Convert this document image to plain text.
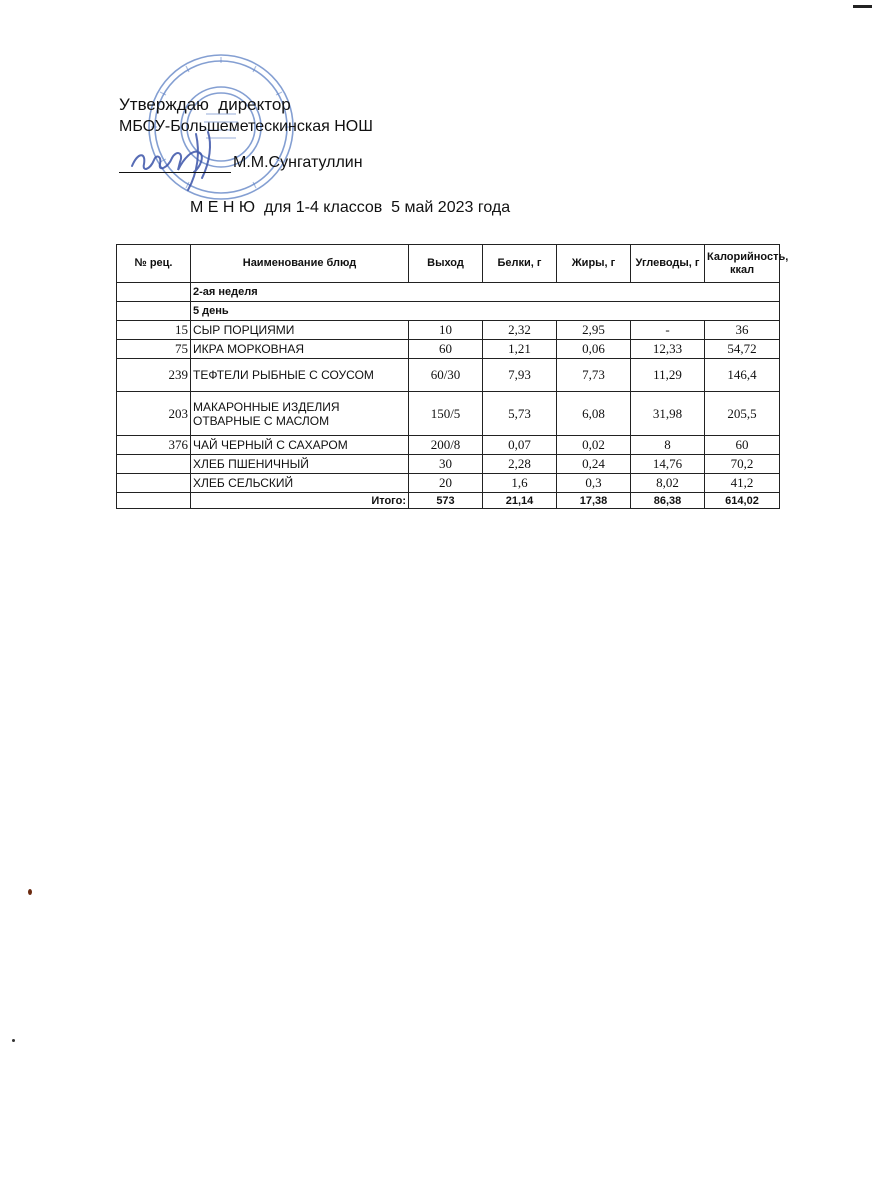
Утверждаю  директор
МБОУ-Большеметескинская НОШ
М.М.Сунгатуллин
М Е Н Ю  для 1-4 классов  5 май 2023 года
№ рец.	Наименование блюд	Выход	Белки, г	Жиры, г	Углеводы, г	Калорийность, ккал
	2-ая неделя					
	5 день					
15	СЫР ПОРЦИЯМИ	10	2,32	2,95	-	36
75	ИКРА МОРКОВНАЯ	60	1,21	0,06	12,33	54,72
239	ТЕФТЕЛИ РЫБНЫЕ С СОУСОМ	60/30	7,93	7,73	11,29	146,4
203	МАКАРОННЫЕ ИЗДЕЛИЯ ОТВАРНЫЕ С МАСЛОМ	150/5	5,73	6,08	31,98	205,5
376	ЧАЙ ЧЕРНЫЙ С САХАРОМ	200/8	0,07	0,02	8	60
	ХЛЕБ ПШЕНИЧНЫЙ	30	2,28	0,24	14,76	70,2
	ХЛЕБ СЕЛЬСКИЙ	20	1,6	0,3	8,02	41,2
	Итого:	573	21,14	17,38	86,38	614,02
